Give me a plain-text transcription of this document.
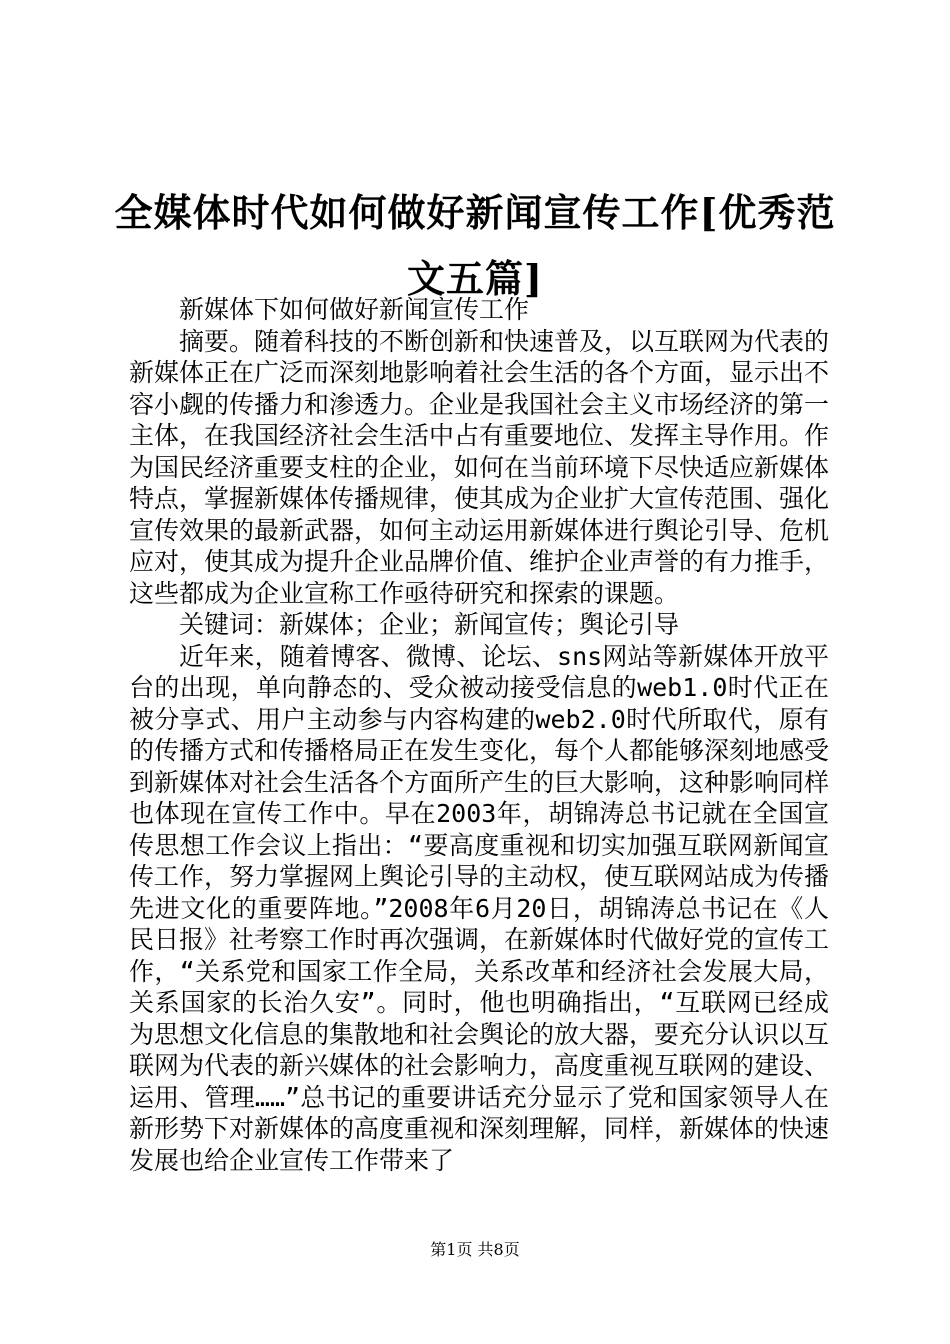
全媒体时代如何做好新闻宣传工作[优秀范文五篇]

新媒体下如何做好新闻宣传工作

摘要。随着科技的不断创新和快速普及，以互联网为代表的新媒体正在广泛而深刻地影响着社会生活的各个方面，显示出不容小觑的传播力和渗透力。企业是我国社会主义市场经济的第一主体，在我国经济社会生活中占有重要地位、发挥主导作用。作为国民经济重要支柱的企业，如何在当前环境下尽快适应新媒体特点，掌握新媒体传播规律，使其成为企业扩大宣传范围、强化宣传效果的最新武器，如何主动运用新媒体进行舆论引导、危机应对，使其成为提升企业品牌价值、维护企业声誉的有力推手，这些都成为企业宣称工作亟待研究和探索的课题。

关键词：新媒体；企业；新闻宣传；舆论引导

近年来，随着博客、微博、论坛、sns网站等新媒体开放平台的出现，单向静态的、受众被动接受信息的web1.0时代正在被分享式、用户主动参与内容构建的web2.0时代所取代，原有的传播方式和传播格局正在发生变化，每个人都能够深刻地感受到新媒体对社会生活各个方面所产生的巨大影响，这种影响同样也体现在宣传工作中。早在2003年，胡锦涛总书记就在全国宣传思想工作会议上指出：“要高度重视和切实加强互联网新闻宣传工作，努力掌握网上舆论引导的主动权，使互联网站成为传播先进文化的重要阵地。”2008年6月20日，胡锦涛总书记在《人民日报》社考察工作时再次强调，在新媒体时代做好党的宣传工作，“关系党和国家工作全局，关系改革和经济社会发展大局，关系国家的长治久安”。同时，他也明确指出，“互联网已经成为思想文化信息的集散地和社会舆论的放大器，要充分认识以互联网为代表的新兴媒体的社会影响力，高度重视互联网的建设、运用、管理……”总书记的重要讲话充分显示了党和国家领导人在新形势下对新媒体的高度重视和深刻理解，同样，新媒体的快速发展也给企业宣传工作带来了

第1页 共8页
